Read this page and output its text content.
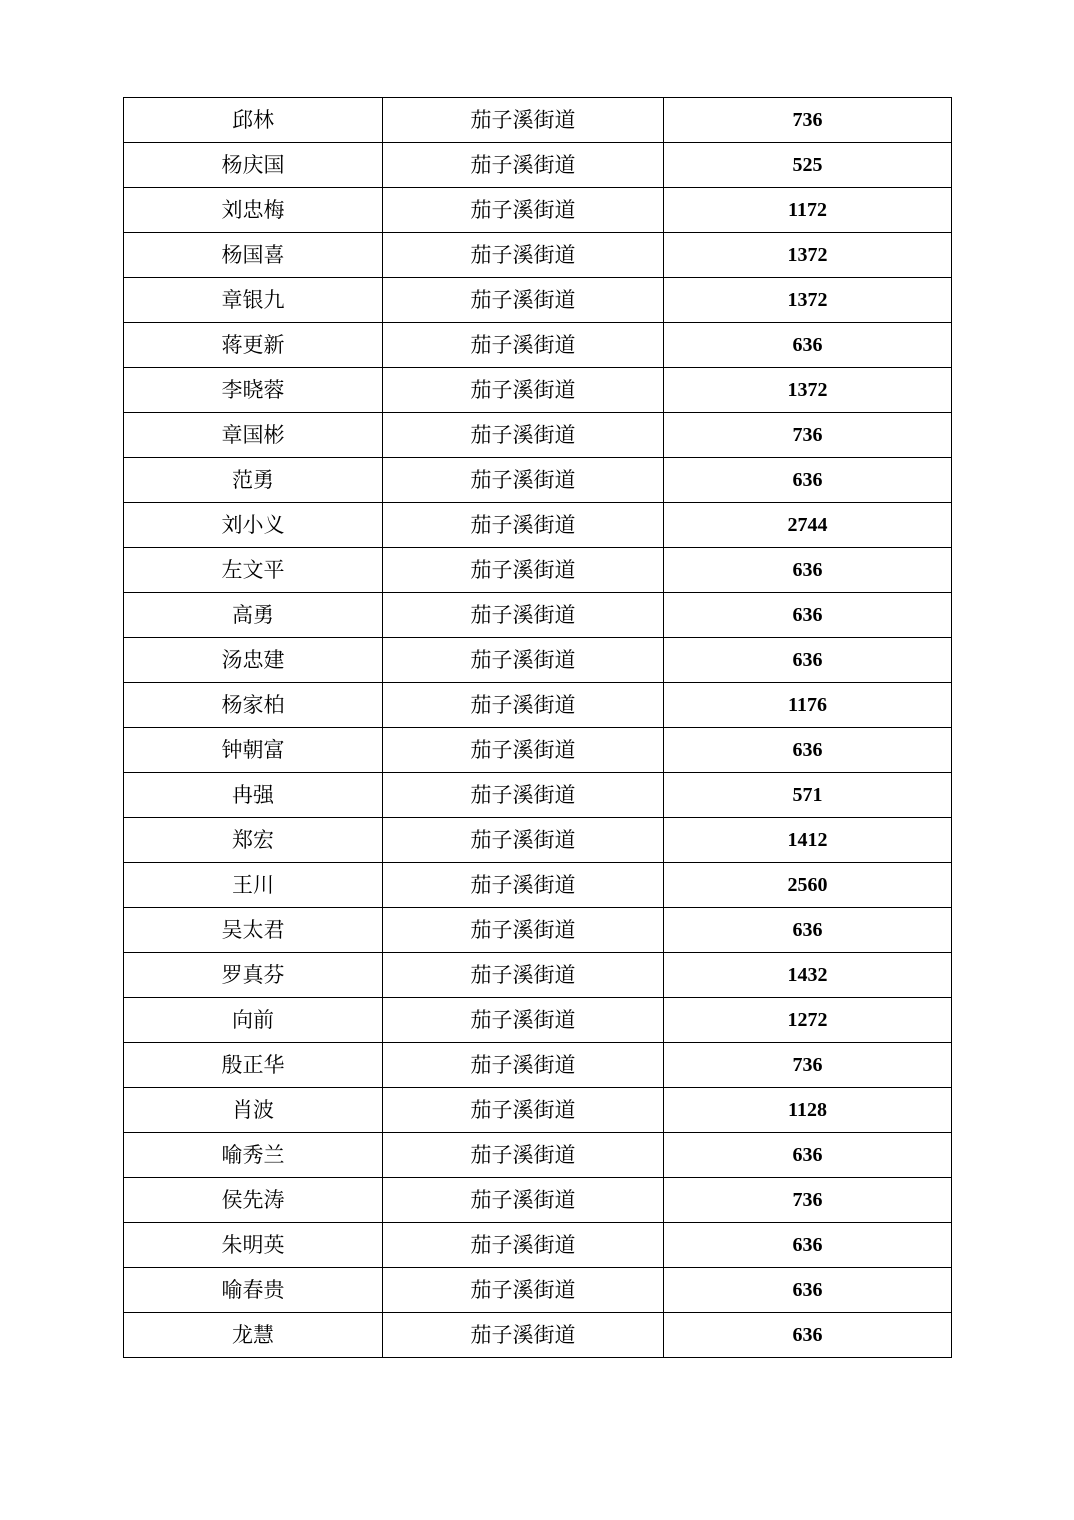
邱林	茄子溪街道	736
杨庆国	茄子溪街道	525
刘忠梅	茄子溪街道	1172
杨国喜	茄子溪街道	1372
章银九	茄子溪街道	1372
蒋更新	茄子溪街道	636
李晓蓉	茄子溪街道	1372
章国彬	茄子溪街道	736
范勇	茄子溪街道	636
刘小义	茄子溪街道	2744
左文平	茄子溪街道	636
高勇	茄子溪街道	636
汤忠建	茄子溪街道	636
杨家柏	茄子溪街道	1176
钟朝富	茄子溪街道	636
冉强	茄子溪街道	571
郑宏	茄子溪街道	1412
王川	茄子溪街道	2560
吴太君	茄子溪街道	636
罗真芬	茄子溪街道	1432
向前	茄子溪街道	1272
殷正华	茄子溪街道	736
肖波	茄子溪街道	1128
喻秀兰	茄子溪街道	636
侯先涛	茄子溪街道	736
朱明英	茄子溪街道	636
喻春贵	茄子溪街道	636
龙慧	茄子溪街道	636
